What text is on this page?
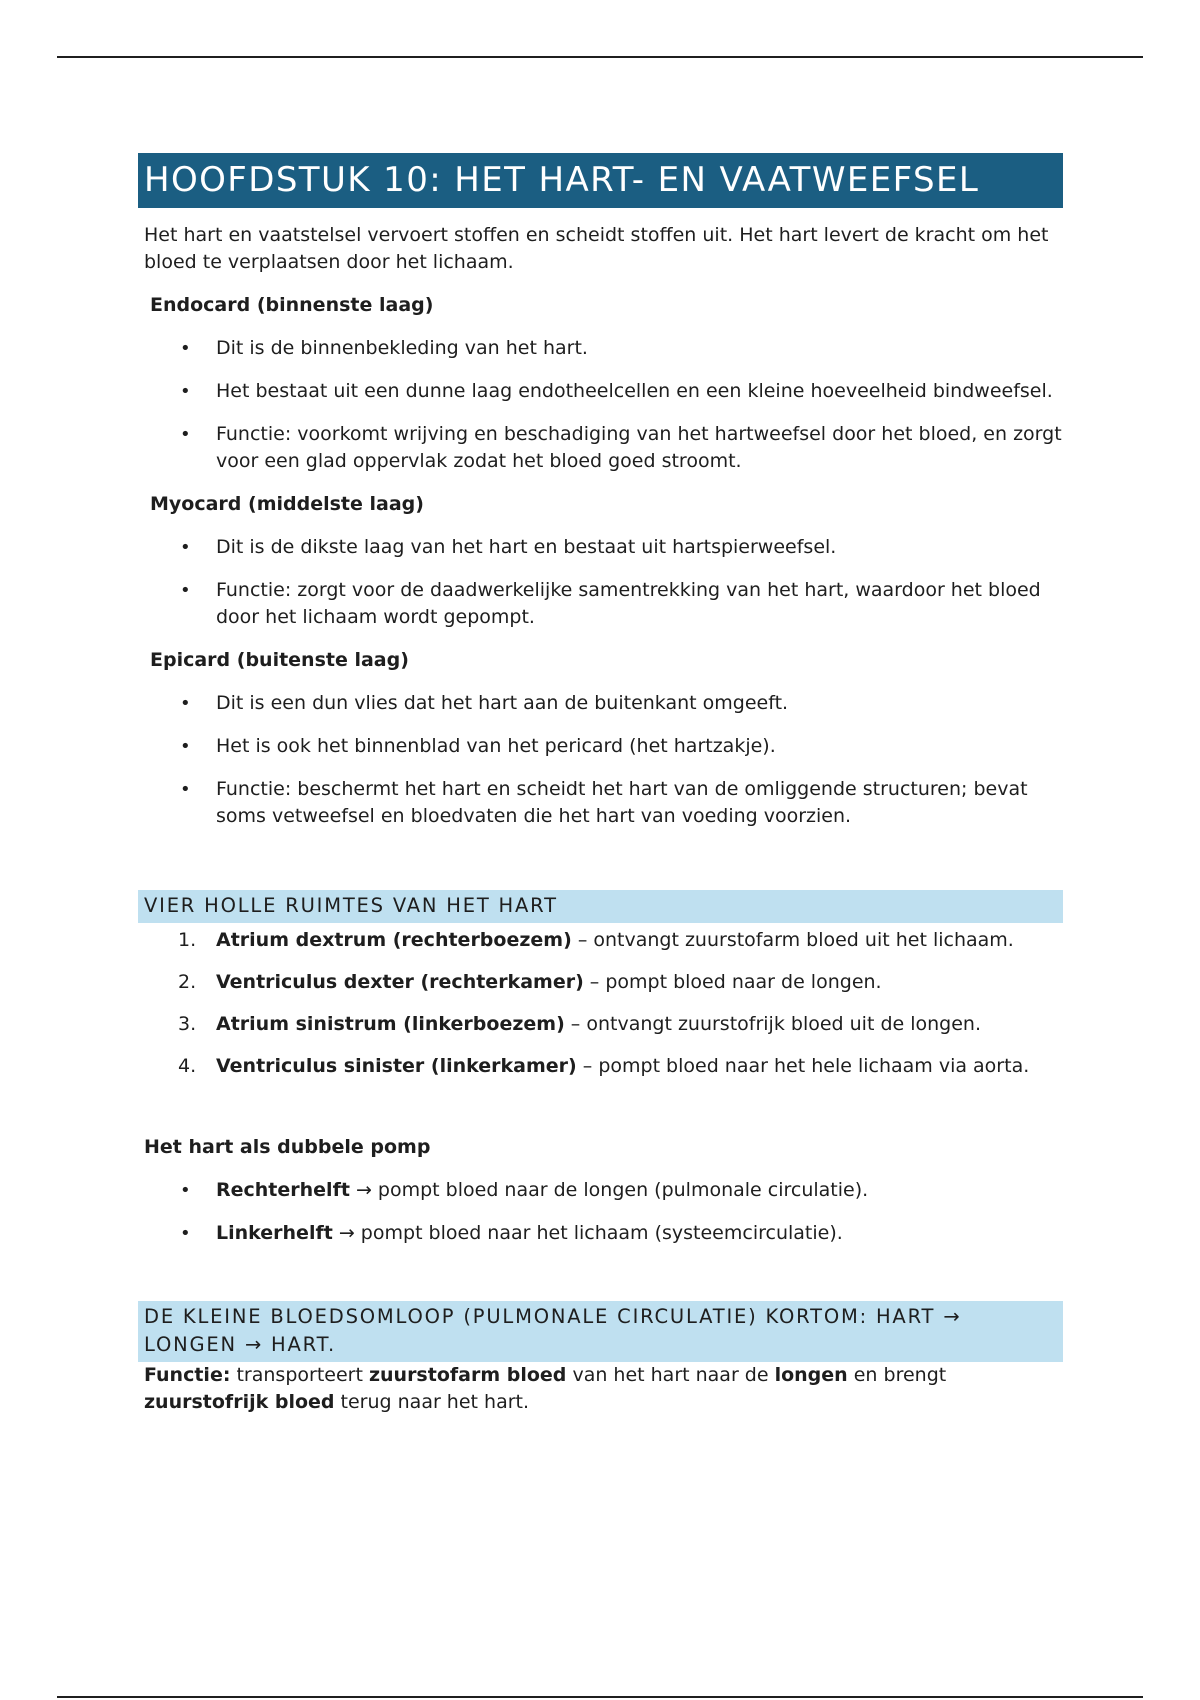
HOOFDSTUK 10: HET HART- EN VAATWEEFSEL
Het hart en vaatstelsel vervoert stoffen en scheidt stoffen uit. Het hart levert de kracht om het bloed te verplaatsen door het lichaam.
Endocard (binnenste laag)
• Dit is de binnenbekleding van het hart.
• Het bestaat uit een dunne laag endotheelcellen en een kleine hoeveelheid bindweefsel.
• Functie: voorkomt wrijving en beschadiging van het hartweefsel door het bloed, en zorgt voor een glad oppervlak zodat het bloed goed stroomt.
Myocard (middelste laag)
• Dit is de dikste laag van het hart en bestaat uit hartspierweefsel.
• Functie: zorgt voor de daadwerkelijke samentrekking van het hart, waardoor het bloed door het lichaam wordt gepompt.
Epicard (buitenste laag)
• Dit is een dun vlies dat het hart aan de buitenkant omgeeft.
• Het is ook het binnenblad van het pericard (het hartzakje).
• Functie: beschermt het hart en scheidt het hart van de omliggende structuren; bevat soms vetweefsel en bloedvaten die het hart van voeding voorzien.
VIER HOLLE RUIMTES VAN HET HART
1. Atrium dextrum (rechterboezem) – ontvangt zuurstofarm bloed uit het lichaam.
2. Ventriculus dexter (rechterkamer) – pompt bloed naar de longen.
3. Atrium sinistrum (linkerboezem) – ontvangt zuurstofrijk bloed uit de longen.
4. Ventriculus sinister (linkerkamer) – pompt bloed naar het hele lichaam via aorta.
Het hart als dubbele pomp
• Rechterhelft → pompt bloed naar de longen (pulmonale circulatie).
• Linkerhelft → pompt bloed naar het lichaam (systeemcirculatie).
DE KLEINE BLOEDSOMLOOP (PULMONALE CIRCULATIE) KORTOM: HART → LONGEN → HART.
Functie: transporteert zuurstofarm bloed van het hart naar de longen en brengt zuurstofrijk bloed terug naar het hart.
